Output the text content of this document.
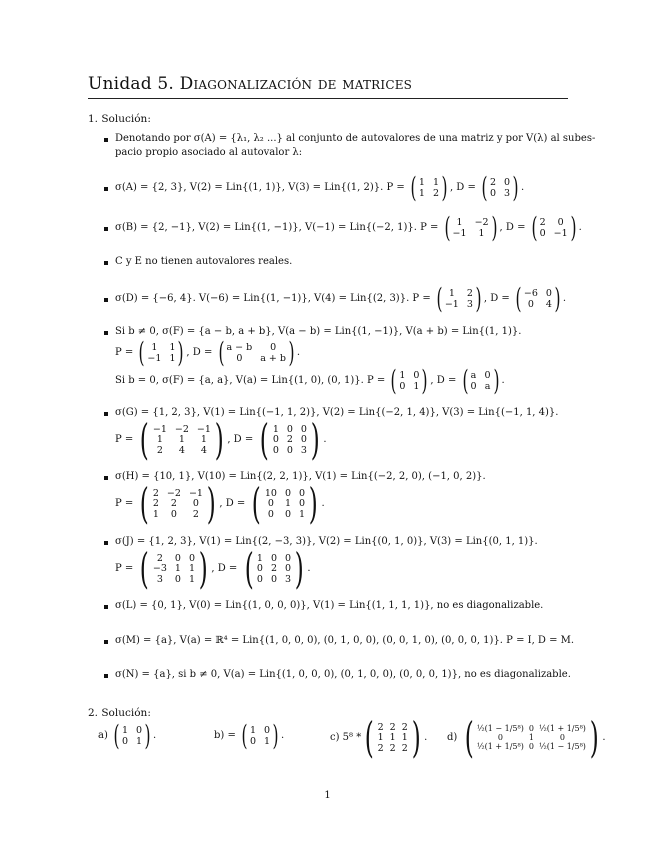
Unidad 5. Diagonalización de matrices
1. Solución:
Denotando por σ(A) = {λ₁, λ₂ ...} al conjunto de autovalores de una matriz y por V(λ) al subes-
pacio propio asociado al autovalor λ:
σ(A) = {2, 3}, V(2) = Lin{(1, 1)}, V(3) = Lin{(1, 2)}. P =
( 1 1
1 2 ) , D =
( 2 0
0 3 ) .
σ(B) = {2, −1}, V(2) = Lin{(1, −1)}, V(−1) = Lin{(−2, 1)}. P =
( 1	−2
−1	1 ) , D =
( 2	0
0 −1 ) .
C y E no tienen autovalores reales.
σ(D) = {−6, 4}. V(−6) = Lin{(1, −1)}, V(4) = Lin{(2, 3)}. P =
( 1	2
−1 3 ) , D =
( −6 0
0	4 ) .
Si b ≠ 0, σ(F) = {a − b, a + b}, V(a − b) = Lin{(1, −1)}, V(a + b) = Lin{(1, 1)}.
P =
( 1	1
−1 1 ) , D =
( a − b	0
0	a + b ) .
Si b = 0, σ(F) = {a, a}, V(a) = Lin{(1, 0), (0, 1)}. P =
( 1 0
0 1 ) , D =
( a 0
0 a ) .
σ(G) = {1, 2, 3}, V(1) = Lin{(−1, 1, 2)}, V(2) = Lin{(−2, 1, 4)}, V(3) = Lin{(−1, 1, 4)}.
P =
( −1 −2 −1
1	1	1
2	4	4 ) , D =
( 1 0 0
0 2 0
0 0 3 ) .
σ(H) = {10, 1}, V(10) = Lin{(2, 2, 1)}, V(1) = Lin{(−2, 2, 0), (−1, 0, 2)}.
P =
( 2 −2 −1
2	2	0
1	0	2 ) , D =
( 10 0 0
0	1 0
0	0 1 ) .
σ(J) = {1, 2, 3}, V(1) = Lin{(2, −3, 3)}, V(2) = Lin{(0, 1, 0)}, V(3) = Lin{(0, 1, 1)}.
P =
( 2	0 0
−3 1 1
3	0 1 ) , D =
( 1 0 0
0 2 0
0 0 3 ) .
σ(L) = {0, 1}, V(0) = Lin{(1, 0, 0, 0)}, V(1) = Lin{(1, 1, 1, 1)}, no es diagonalizable.
σ(M) = {a}, V(a) = ℝ⁴ = Lin{(1, 0, 0, 0), (0, 1, 0, 0), (0, 0, 1, 0), (0, 0, 0, 1)}. P = I, D = M.
σ(N) = {a}, si b ≠ 0, V(a) = Lin{(1, 0, 0, 0), (0, 1, 0, 0), (0, 0, 0, 1)}, no es diagonalizable.
2. Solución:
a)
( 1 0
0 1 ) .	b) =
( 1 0
0 1 ) .	c) 5⁸ * ( 2 2 2
1 1 1
2 2 2 ) . d)
( ½(1 − 1/5⁸) 0 ½(1 + 1/5⁸)
0	1	0
½(1 + 1/5⁸) 0 ½(1 − 1/5⁸) ) .
1
